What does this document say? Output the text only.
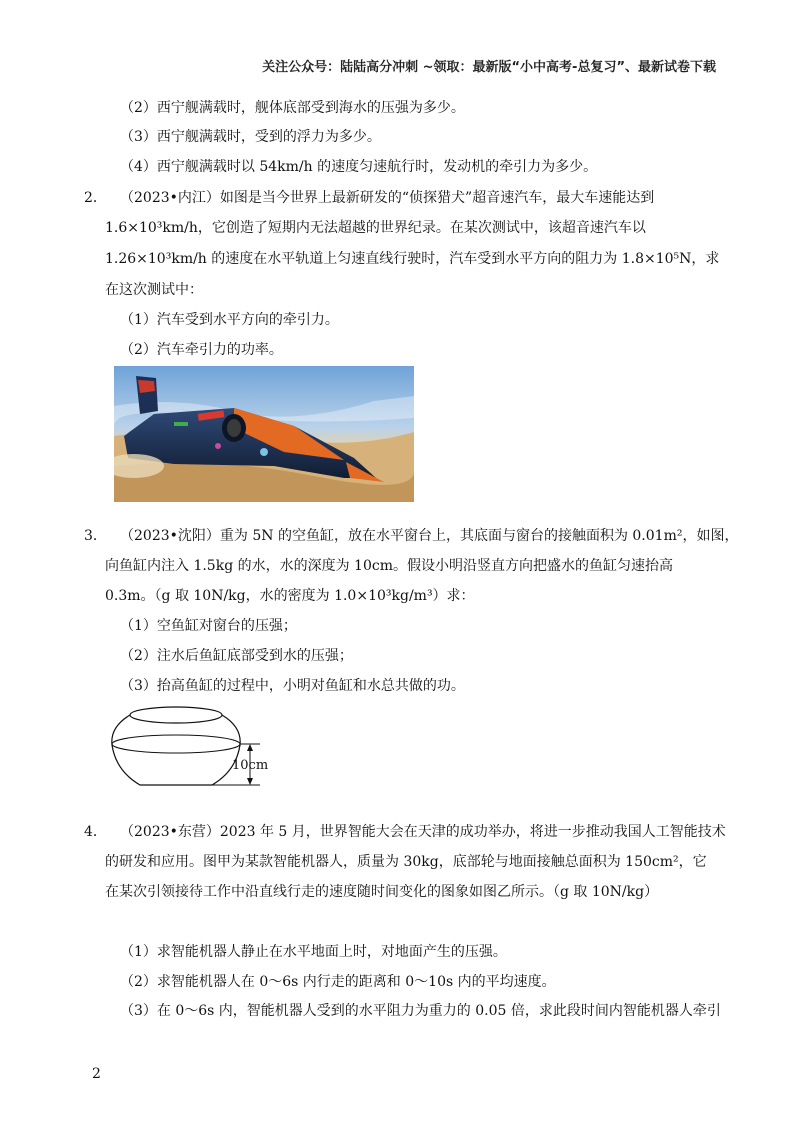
关注公众号：陆陆高分冲刺 ~领取：最新版“小中高考-总复习”、最新试卷下载
（2）西宁舰满载时，舰体底部受到海水的压强为多少。
（3）西宁舰满载时，受到的浮力为多少。
（4）西宁舰满载时以 54km/h 的速度匀速航行时，发动机的牵引力为多少。
2． （2023•内江）如图是当今世界上最新研发的“侦探猎犬”超音速汽车，最大车速能达到
1.6×10³km/h，它创造了短期内无法超越的世界纪录。在某次测试中，该超音速汽车以
1.26×10³km/h 的速度在水平轨道上匀速直线行驶时，汽车受到水平方向的阻力为 1.8×10⁵N，求
在这次测试中：
（1）汽车受到水平方向的牵引力。
（2）汽车牵引力的功率。
3． （2023•沈阳）重为 5N 的空鱼缸，放在水平窗台上，其底面与窗台的接触面积为 0.01m²，如图，
向鱼缸内注入 1.5kg 的水，水的深度为 10cm。假设小明沿竖直方向把盛水的鱼缸匀速抬高
0.3m。（g 取 10N/kg，水的密度为 1.0×10³kg/m³）求：
（1）空鱼缸对窗台的压强；
（2）注水后鱼缸底部受到水的压强；
（3）抬高鱼缸的过程中，小明对鱼缸和水总共做的功。
10cm
4． （2023•东营）2023 年 5 月，世界智能大会在天津的成功举办，将进一步推动我国人工智能技术
的研发和应用。图甲为某款智能机器人，质量为 30kg，底部轮与地面接触总面积为 150cm²，它
在某次引领接待工作中沿直线行走的速度随时间变化的图象如图乙所示。（g 取 10N/kg）
（1）求智能机器人静止在水平地面上时，对地面产生的压强。
（2）求智能机器人在 0～6s 内行走的距离和 0～10s 内的平均速度。
（3）在 0～6s 内，智能机器人受到的水平阻力为重力的 0.05 倍，求此段时间内智能机器人牵引
2
